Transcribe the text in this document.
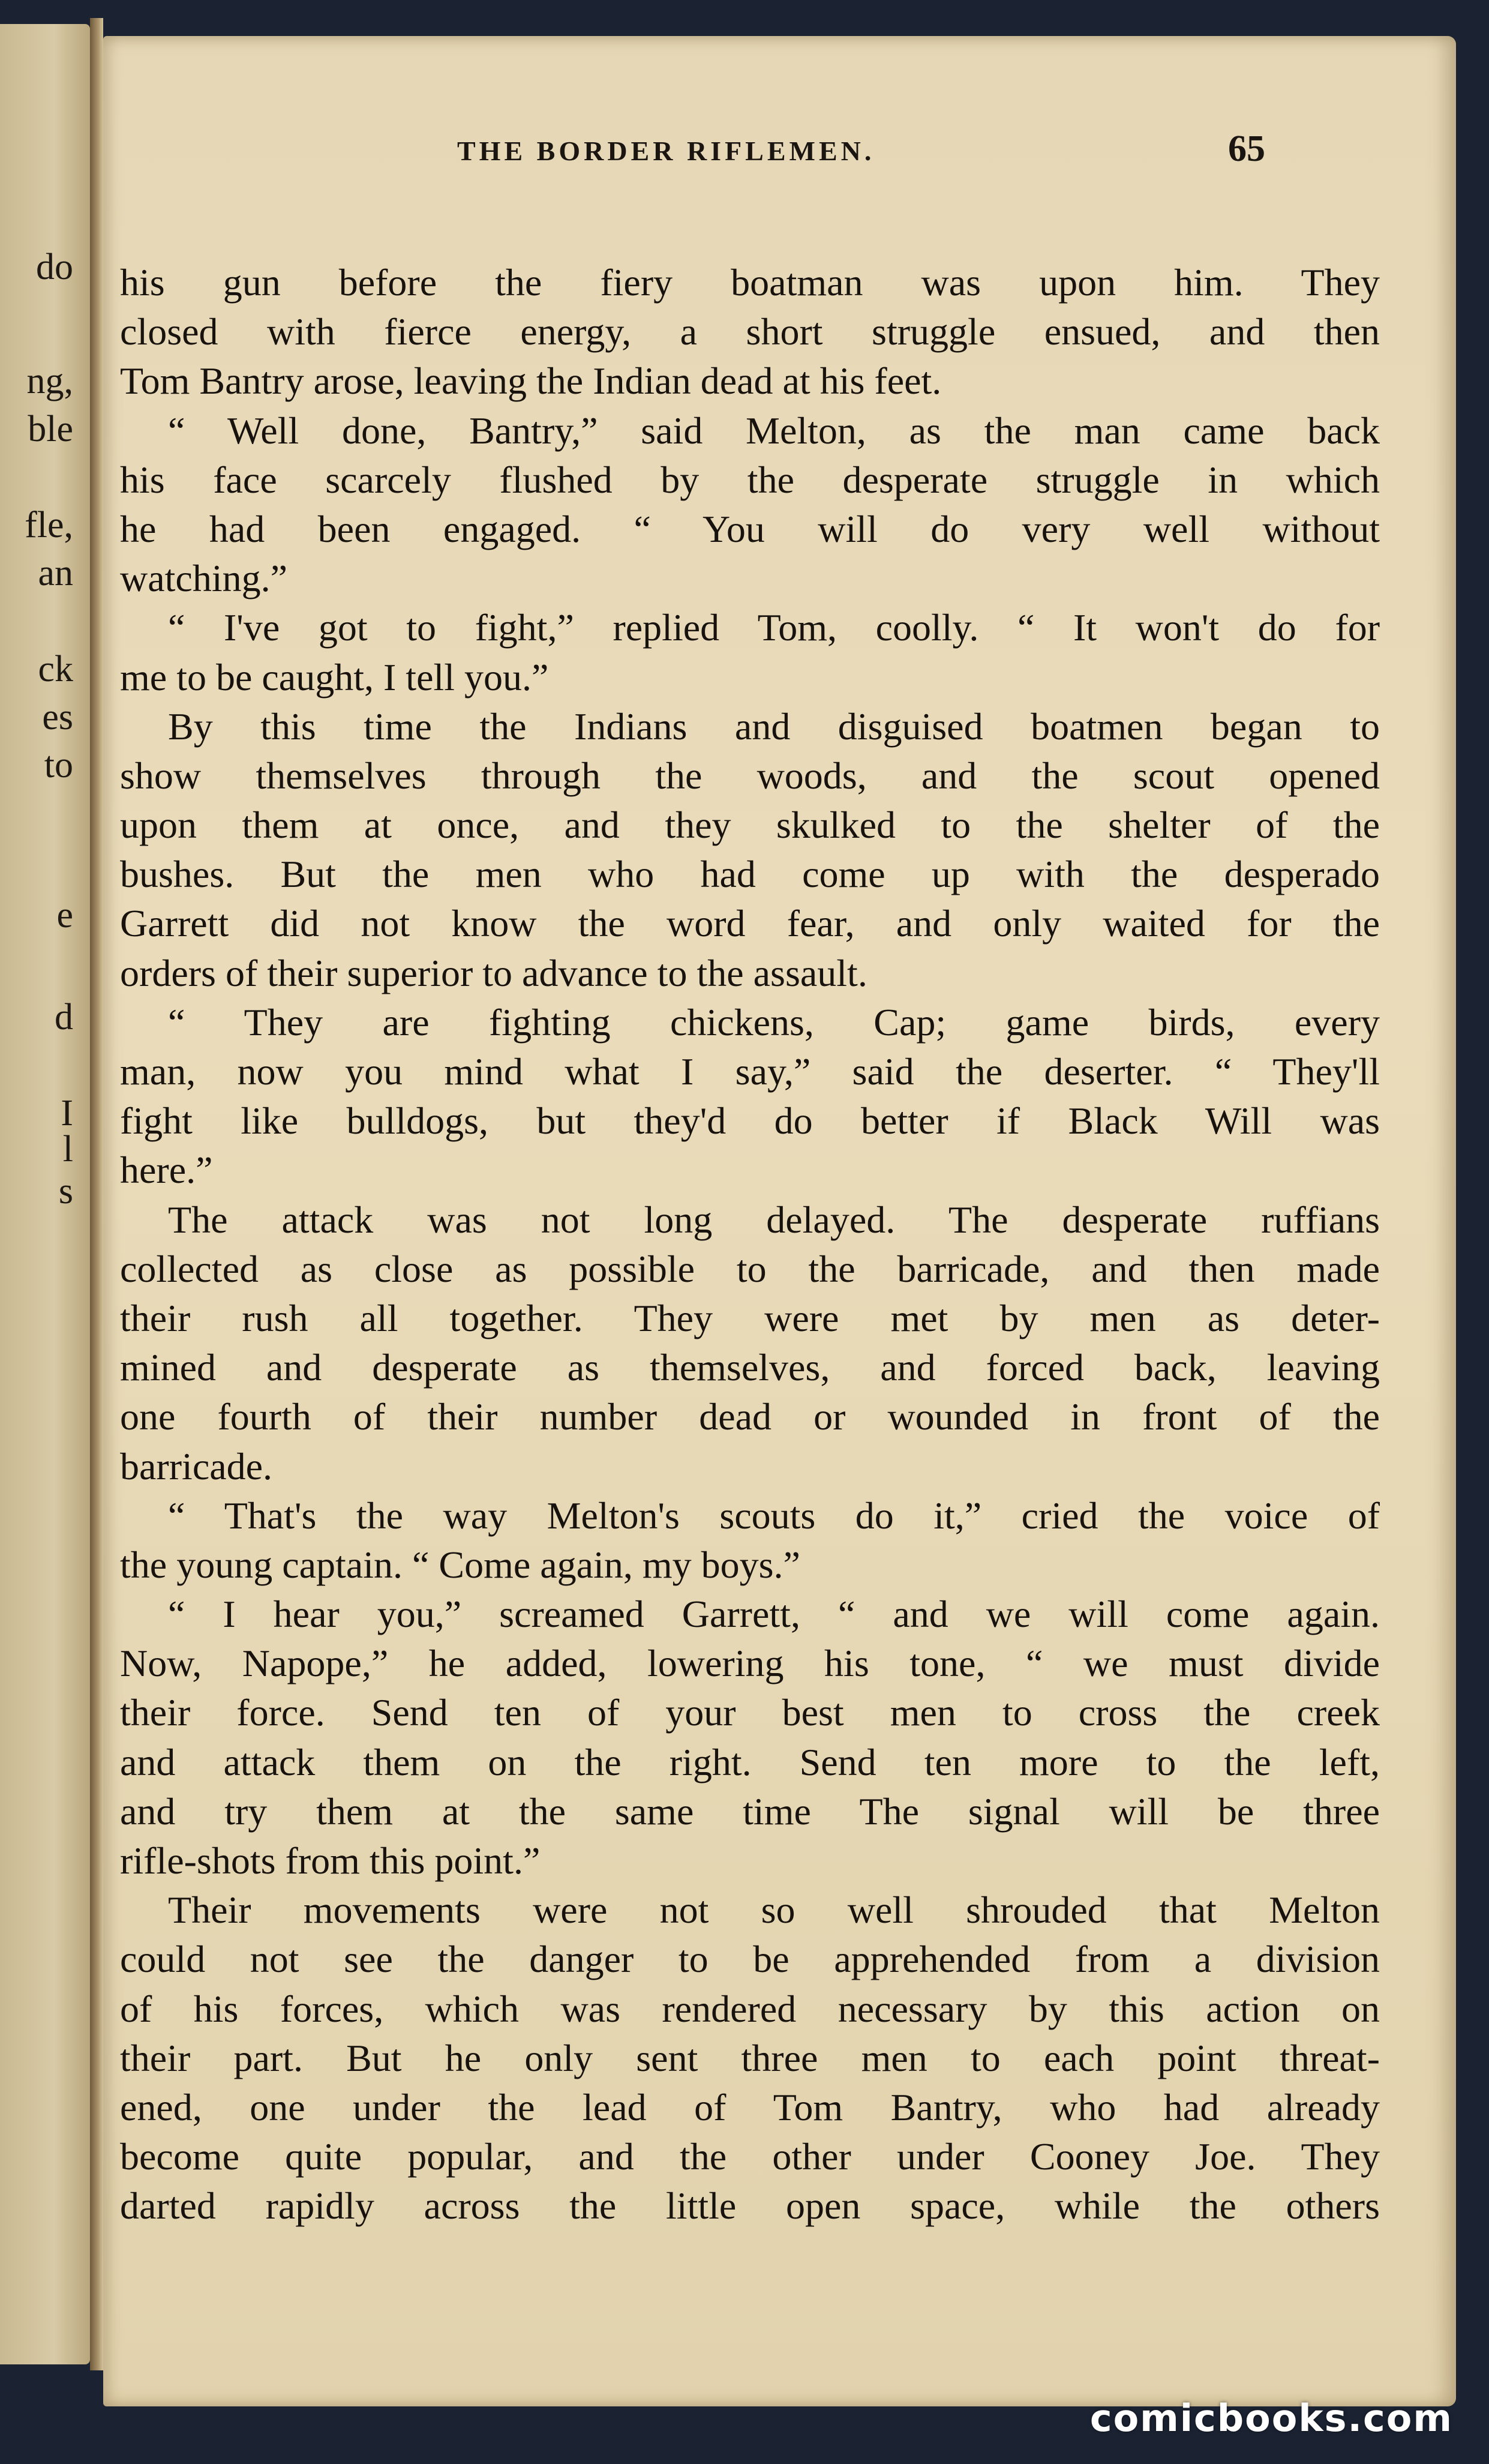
do
ng,
ble
fle,
an
ck
es
to
e
d
I
l
s
THE BORDER RIFLEMEN.	65
his gun before the fiery boatman was upon him. They
closed with fierce energy, a short struggle ensued, and then
Tom Bantry arose, leaving the Indian dead at his feet.
“ Well done, Bantry,” said Melton, as the man came back
his face scarcely flushed by the desperate struggle in which
he had been engaged. “ You will do very well without
watching.”
“ I've got to fight,” replied Tom, coolly. “ It won't do for
me to be caught, I tell you.”
By this time the Indians and disguised boatmen began to
show themselves through the woods, and the scout opened
upon them at once, and they skulked to the shelter of the
bushes. But the men who had come up with the desperado
Garrett did not know the word fear, and only waited for the
orders of their superior to advance to the assault.
“ They are fighting chickens, Cap; game birds, every
man, now you mind what I say,” said the deserter. “ They'll
fight like bulldogs, but they'd do better if Black Will was
here.”
The attack was not long delayed. The desperate ruffians
collected as close as possible to the barricade, and then made
their rush all together. They were met by men as deter-
mined and desperate as themselves, and forced back, leaving
one fourth of their number dead or wounded in front of the
barricade.
“ That's the way Melton's scouts do it,” cried the voice of
the young captain. “ Come again, my boys.”
“ I hear you,” screamed Garrett, “ and we will come again.
Now, Napope,” he added, lowering his tone, “ we must divide
their force. Send ten of your best men to cross the creek
and attack them on the right. Send ten more to the left,
and try them at the same time The signal will be three
rifle-shots from this point.”
Their movements were not so well shrouded that Melton
could not see the danger to be apprehended from a division
of his forces, which was rendered necessary by this action on
their part. But he only sent three men to each point threat-
ened, one under the lead of Tom Bantry, who had already
become quite popular, and the other under Cooney Joe. They
darted rapidly across the little open space, while the others
comicbooks.com
